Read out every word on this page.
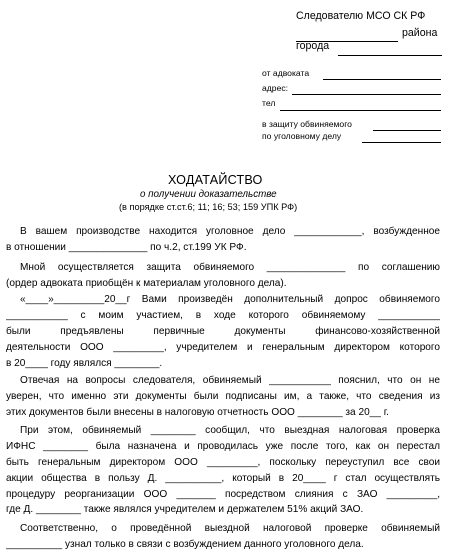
Следователю МСО СК РФ
района
города
от адвоката
адрес:
тел
в защиту обвиняемого
по уголовному делу
ХОДАТАЙСТВО
о получении доказательстве
(в порядке ст.ст.6; 11; 16; 53; 159 УПК РФ)
В вашем производстве находится уголовное дело ____________, возбужденное
в отношении ______________ по ч.2, ст.199 УК РФ.
Мной осуществляется защита обвиняемого ______________ по соглашению
(ордер адвоката приобщён к материалам уголовного дела).
«____»_________20__г Вами произведён дополнительный допрос обвиняемого
___________ с моим участием, в ходе которого обвиняемому ___________
были предъявлены первичные документы финансово-хозяйственной
деятельности ООО _________, учредителем и генеральным директором которого
в 20____ году являлся ________.
Отвечая на вопросы следователя, обвиняемый ___________ пояснил, что он не
уверен, что именно эти документы были подписаны им, а также, что сведения из
этих документов были внесены в налоговую отчетность ООО ________ за 20__ г.
При этом, обвиняемый ________ сообщил, что выездная налоговая проверка
ИФНС ________ была назначена и проводилась уже после того, как он перестал
быть генеральным директором ООО _________, поскольку переуступил все свои
акции общества в пользу Д. __________, который в 20____ г стал осуществлять
процедуру реорганизации ООО _______ посредством слияния с ЗАО _________,
где Д. ________ также являлся учредителем и держателем 51% акций ЗАО.
Соответственно, о проведённой выездной налоговой проверке обвиняемый
__________ узнал только в связи с возбуждением данного уголовного дела.
